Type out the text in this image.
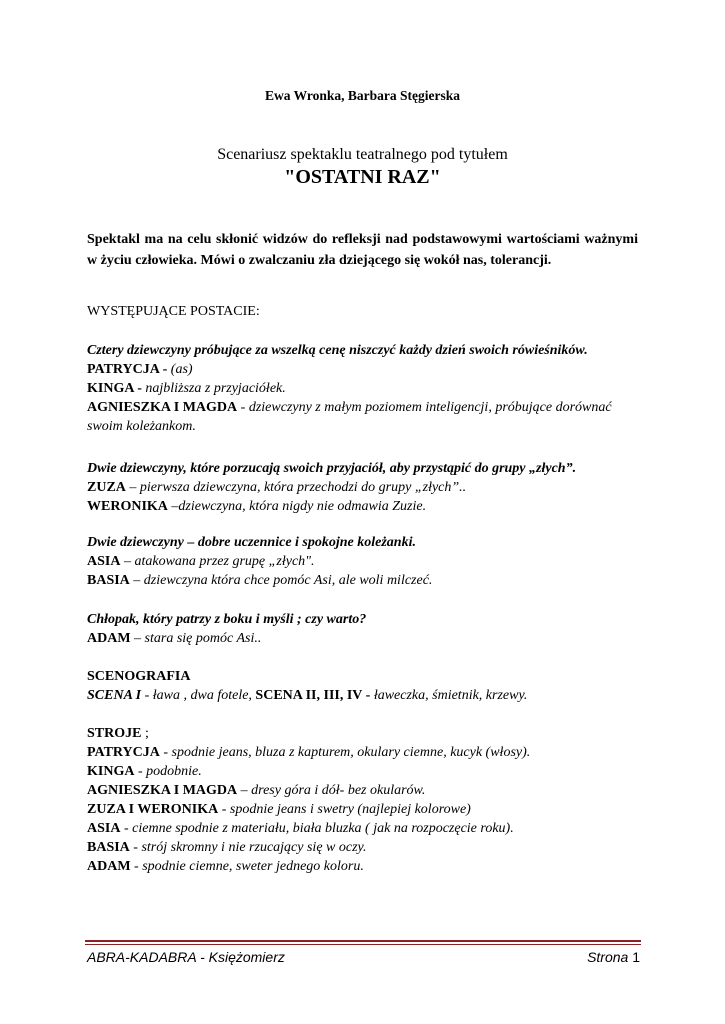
Ewa Wronka, Barbara Stęgierska
Scenariusz spektaklu teatralnego pod tytułem
"OSTATNI RAZ"
Spektakl ma na celu skłonić widzów do refleksji nad podstawowymi wartościami ważnymi w życiu człowieka. Mówi o zwalczaniu zła dziejącego się wokół nas, tolerancji.
WYSTĘPUJĄCE POSTACIE:

Cztery dziewczyny próbujące za wszelką cenę niszczyć każdy dzień swoich rówieśników.

PATRYCJA - (as)

KINGA - najbliższa z przyjaciółek.

AGNIESZKA I MAGDA - dziewczyny z małym poziomem inteligencji, próbujące dorównać swoim koleżankom.

Dwie dziewczyny, które porzucają swoich przyjaciół, aby przystąpić do grupy „złych”.

ZUZA – pierwsza dziewczyna, która przechodzi do grupy „złych”..

WERONIKA –dziewczyna, która nigdy nie odmawia Zuzie.

Dwie dziewczyny – dobre uczennice i spokojne koleżanki.

ASIA – atakowana przez grupę „złych".

BASIA – dziewczyna która chce pomóc Asi, ale woli milczeć.

Chłopak, który patrzy z boku i myśli ; czy warto?

ADAM – stara się pomóc Asi..

SCENOGRAFIA

SCENA I - ława , dwa fotele, SCENA II, III, IV - ławeczka, śmietnik, krzewy.

STROJE ;

PATRYCJA - spodnie jeans, bluza z kapturem, okulary ciemne, kucyk (włosy).

KINGA - podobnie.

AGNIESZKA I MAGDA – dresy góra i dół- bez okularów.

ZUZA I WERONIKA - spodnie jeans i swetry (najlepiej kolorowe)

ASIA - ciemne spodnie z materiału, biała bluzka ( jak na rozpoczęcie roku).

BASIA - strój skromny i nie rzucający się w oczy.

ADAM - spodnie ciemne, sweter jednego koloru.

ABRA-KADABRA - Księżomierz	Strona 1
